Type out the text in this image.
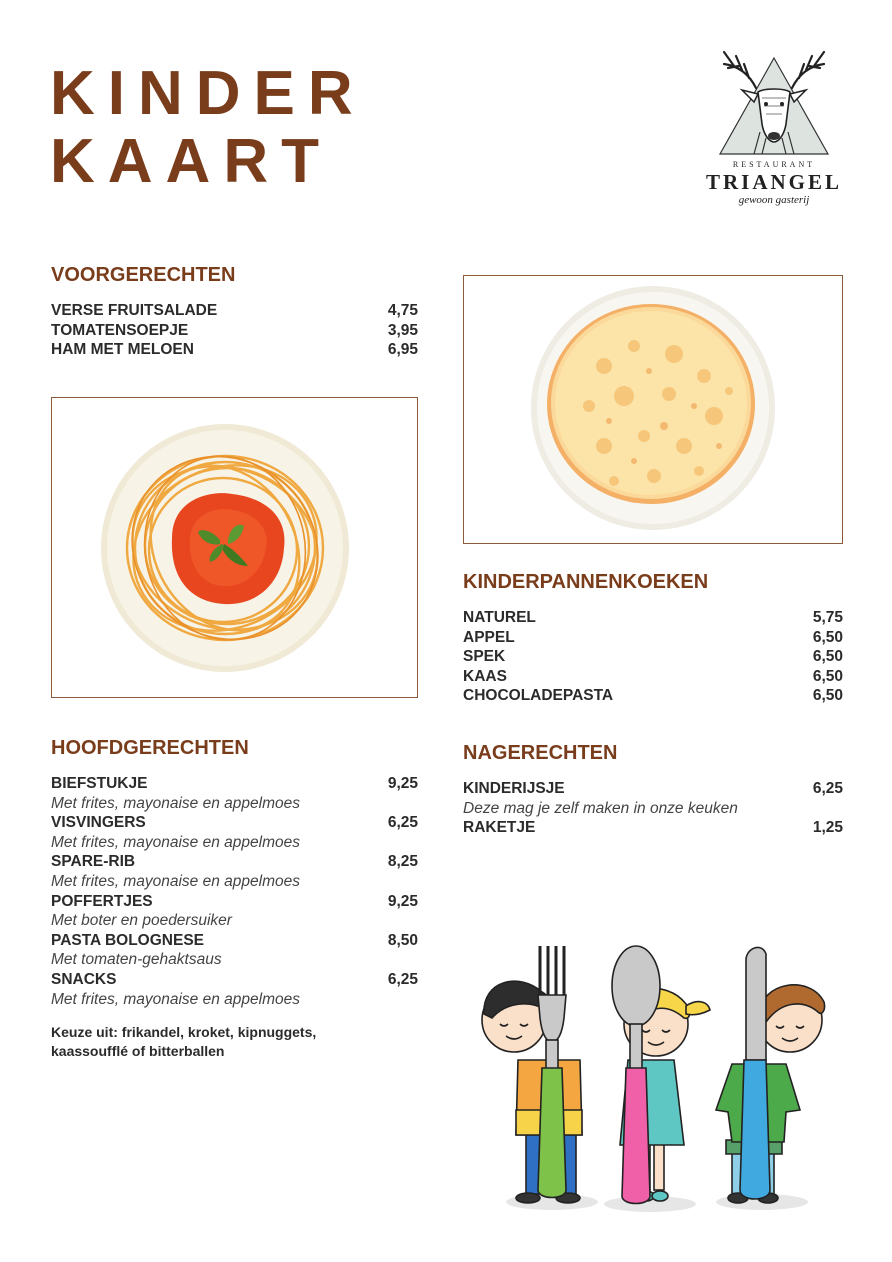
KINDER
KAART	RESTAURANT
TRIANGEL
gewoon gasterij
VOORGERECHTEN
VERSE FRUITSALADE	4,75
TOMATENSOEPJE	3,95
HAM MET MELOEN	6,95
HOOFDGERECHTEN
BIEFSTUKJE	9,25
Met frites, mayonaise en appelmoes
VISVINGERS	6,25
Met frites, mayonaise en appelmoes
SPARE-RIB	8,25
Met frites, mayonaise en appelmoes
POFFERTJES	9,25
Met boter en poedersuiker
PASTA BOLOGNESE	8,50
Met tomaten-gehaktsaus
SNACKS	6,25
Met frites, mayonaise en appelmoes
Keuze uit: frikandel, kroket, kipnuggets,
kaassoufflé of bitterballen
KINDERPANNENKOEKEN
NATUREL	5,75
APPEL	6,50
SPEK	6,50
KAAS	6,50
CHOCOLADEPASTA	6,50
NAGERECHTEN
KINDERIJSJE	6,25
Deze mag je zelf maken in onze keuken
RAKETJE	1,25
